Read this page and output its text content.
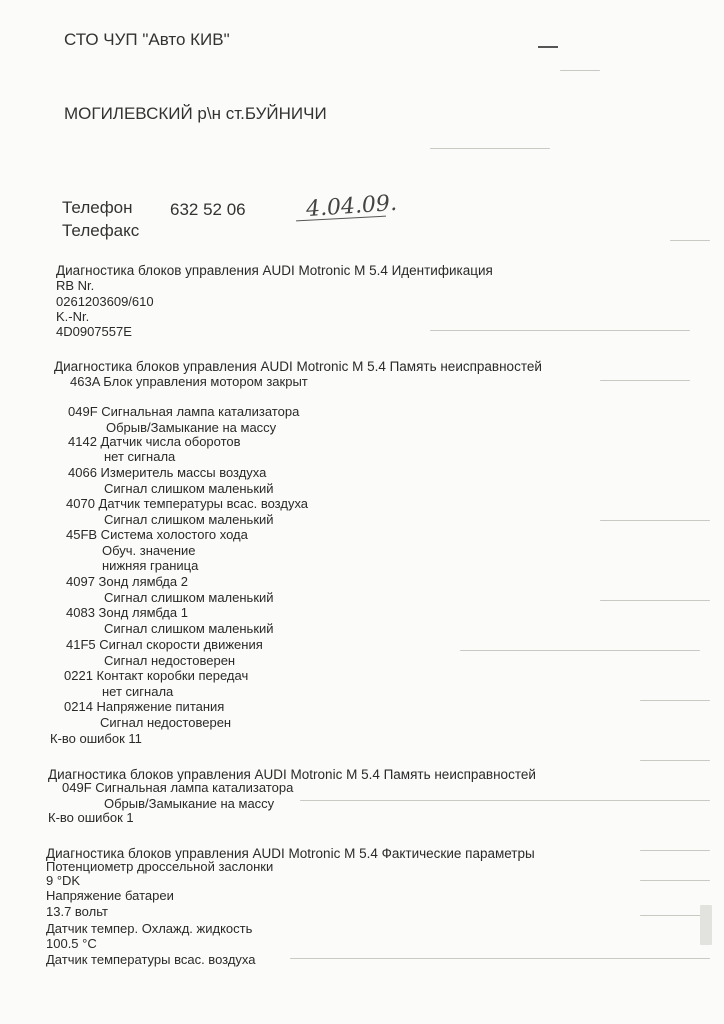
СТО ЧУП "Авто КИВ"
МОГИЛЕВСКИЙ р\н ст.БУЙНИЧИ
Телефон 632 52 06	4.04.09.
Телефакс
Диагностика блоков управления AUDI Motronic M 5.4 Идентификация
RB Nr.
0261203609/610
K.-Nr.
4D0907557E
Диагностика блоков управления AUDI Motronic M 5.4 Память неисправностей
463A Блок управления мотором закрыт
049F Сигнальная лампа катализатора
Обрыв/Замыкание на массу
4142 Датчик числа оборотов
нет сигнала
4066 Измеритель массы воздуха
Сигнал слишком маленький
4070 Датчик температуры всас. воздуха
Сигнал слишком маленький
45FB Система холостого хода
Обуч. значение
нижняя граница
4097 Зонд лямбда 2
Сигнал слишком маленький
4083 Зонд лямбда 1
Сигнал слишком маленький
41F5 Сигнал скорости движения
Сигнал недостоверен
0221 Контакт коробки передач
нет сигнала
0214 Напряжение питания
Сигнал недостоверен
К-во ошибок 11
Диагностика блоков управления AUDI Motronic M 5.4 Память неисправностей
049F Сигнальная лампа катализатора
Обрыв/Замыкание на массу
К-во ошибок 1
Диагностика блоков управления AUDI Motronic M 5.4 Фактические параметры
Потенциометр дроссельной заслонки
9 °DK
Напряжение батареи
13.7 вольт
Датчик темпер. Охлажд. жидкость
100.5 °C
Датчик температуры всас. воздуха
